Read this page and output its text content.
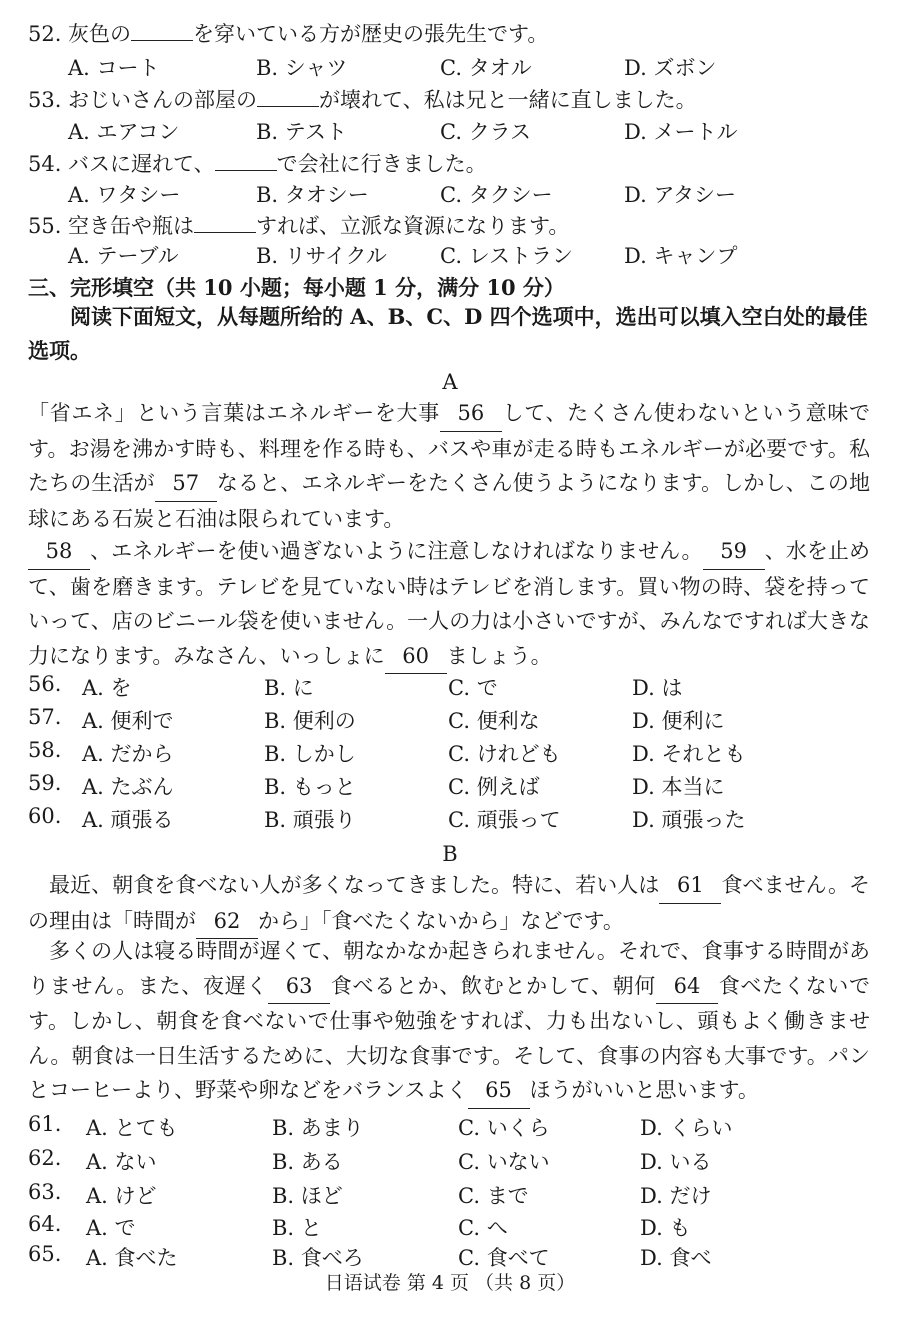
52. 灰色の	を穿いている方が歴史の張先生です。
A. コート	B. シャツ	C. タオル	D. ズボン
53. おじいさんの部屋の	が壊れて、私は兄と一緒に直しました。
A. エアコン	B. テスト	C. クラス	D. メートル
54. バスに遅れて、	で会社に行きました。
A. ワタシー	B. タオシー	C. タクシー	D. アタシー
55. 空き缶や瓶は	すれば、立派な資源になります。
A. テーブル	B. リサイクル	C. レストラン D. キャンプ
三、完形填空（共 10 小题；每小题 1 分，满分 10 分）
阅读下面短文，从每题所给的 A、B、C、D 四个选项中，选出可以填入空白处的最佳选项。
A
「省エネ」という言葉はエネルギーを大事 56 して、たくさん使わないという意味です。お湯を沸かす時も、料理を作る時も、バスや車が走る時もエネルギーが必要です。私たちの生活が 57 なると、エネルギーをたくさん使うようになります。しかし、この地球にある石炭と石油は限られています。
58 、エネルギーを使い過ぎないように注意しなければなりません。 59 、水を止めて、歯を磨きます。テレビを見ていない時はテレビを消します。買い物の時、袋を持っていって、店のビニール袋を使いません。一人の力は小さいですが、みんなですれば大きな力になります。みなさん、いっしょに 60 ましょう。
56. A. を	B. に	C. で	D. は
57. A. 便利で	B. 便利の	C. 便利な	D. 便利に
58. A. だから	B. しかし	C. けれども	D. それとも
59. A. たぶん	B. もっと	C. 例えば	D. 本当に
60. A. 頑張る	B. 頑張り	C. 頑張って	D. 頑張った
B
最近、朝食を食べない人が多くなってきました。特に、若い人は 61 食べません。その理由は「時間が 62 から」「食べたくないから」などです。
多くの人は寝る時間が遅くて、朝なかなか起きられません。それで、食事する時間がありません。また、夜遅く 63 食べるとか、飲むとかして、朝何 64 食べたくないです。しかし、朝食を食べないで仕事や勉強をすれば、力も出ないし、頭もよく働きません。朝食は一日生活するために、大切な食事です。そして、食事の内容も大事です。パンとコーヒーより、野菜や卵などをバランスよく 65 ほうがいいと思います。
61. A. とても	B. あまり	C. いくら	D. くらい
62. A. ない	B. ある	C. いない	D. いる
63. A. けど	B. ほど	C. まで	D. だけ
64. A. で	B. と	C. へ	D. も
65. A. 食べた	B. 食べろ	C. 食べて	D. 食べ
日语试卷 第 4 页 （共 8 页）
